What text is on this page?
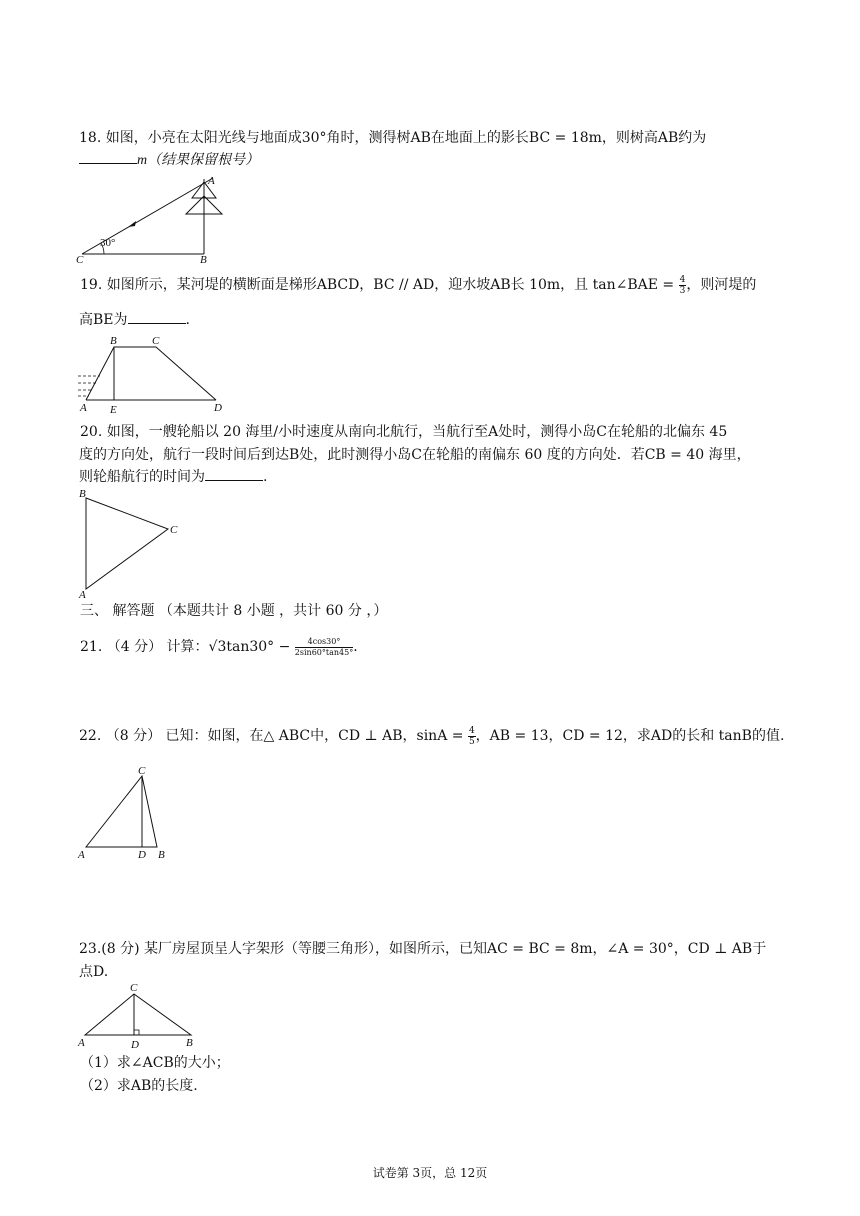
18. 如图，小亮在太阳光线与地面成30°角时，测得树AB在地面上的影长BC = 18m，则树高AB约为
m（结果保留根号）
30°
A
B
C
19. 如图所示，某河堤的横断面是梯形ABCD，BC // AD，迎水坡AB长 10m，且 tan∠BAE = $\frac{4}{3}$ ，则河堤的
高BE为	.
B	C
A E	D
20. 如图，一艘轮船以 20 海里/小时速度从南向北航行，当航行至A处时，测得小岛C在轮船的北偏东 45
度的方向处，航行一段时间后到达B处，此时测得小岛C在轮船的南偏东 60 度的方向处．若CB = 40 海里，
则轮船航行的时间为	.
B
C
A
三、 解答题 （本题共计 8 小题 ，共计 60 分 ，）
21. （4 分） 计算：$√3\tan 30^\circ - \frac{4\cos 30^\circ}{2\sin 60^\circ\tan 45^\circ}$ .
22. （8 分） 已知：如图，在△ ABC中，CD ⊥ AB，$\sin A = \frac{4}{5}$ ，AB = 13，CD = 12，求AD的长和 tanB的值.
C
A	D B
23.(8 分) 某厂房屋顶呈人字架形（等腰三角形），如图所示，已知AC = BC = 8m，∠A = 30°，CD ⊥ AB于
点D.
C
A	D	B
（1）求∠ACB的大小；
（2）求AB的长度.
试卷第 3页，总 12页
